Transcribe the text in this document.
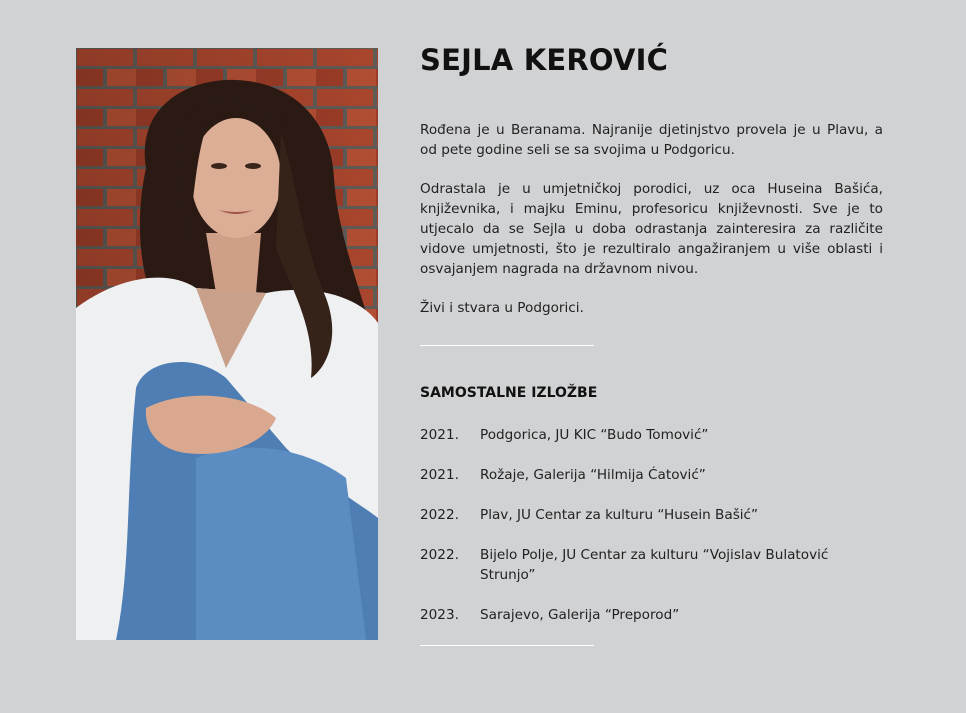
SEJLA KEROVIĆ

Rođena je u Beranama. Najranije djetinjstvo provela je u Plavu, a od pete godine seli se sa svojima u Podgoricu.

Odrastala je u umjetničkoj porodici, uz oca Huseina Bašića, književnika, i majku Eminu, profesoricu književnosti. Sve je to utjecalo da se Sejla u doba odrastanja zainteresira za različite vidove umjetnosti, što je rezultiralo angažiranjem u više oblasti i osvajanjem nagrada na državnom nivou.

Živi i stvara u Podgorici.

SAMOSTALNE IZLOŽBE
2021.	Podgorica, JU KIC “Budo Tomović”
2021.	Rožaje, Galerija “Hilmija Ćatović”
2022.	Plav, JU Centar za kulturu “Husein Bašić”
2022.	Bijelo Polje, JU Centar za kulturu “Vojislav Bulatović Strunjo”
2023.	Sarajevo, Galerija “Preporod”
